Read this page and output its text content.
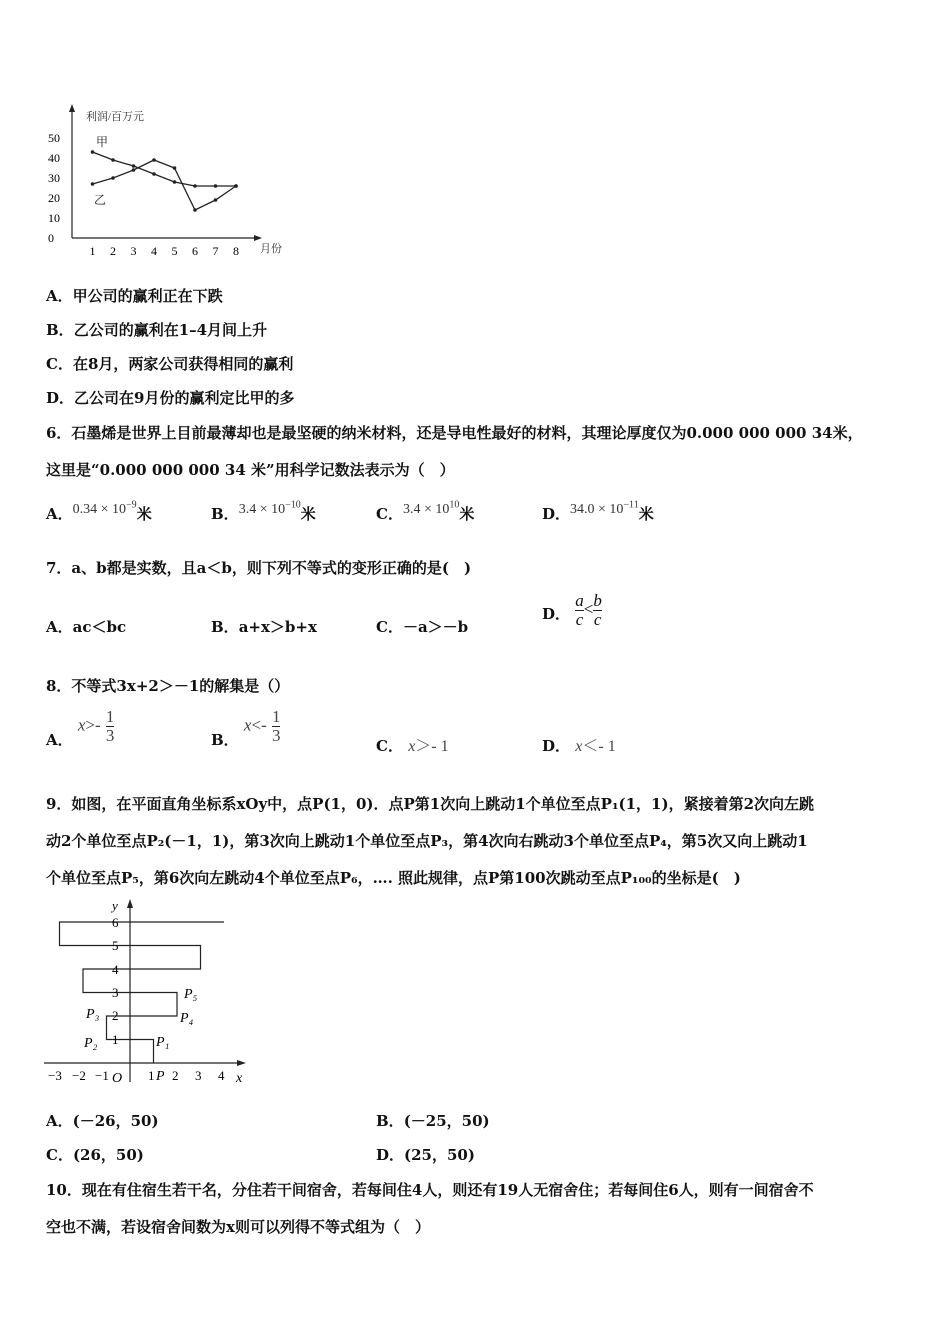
利润/百万元
月份
50
40
30
20
10
0
1 2 3 4 5 6 7 8
甲
乙
A．甲公司的赢利正在下跌
B．乙公司的赢利在1–4月间上升
C．在8月，两家公司获得相同的赢利
D．乙公司在9月份的赢利定比甲的多
6．石墨烯是世界上目前最薄却也是最坚硬的纳米材料，还是导电性最好的材料，其理论厚度仅为0.000 000 000 34米，
这里是“0.000 000 000 34 米”用科学记数法表示为（　）
A．$0.34 \times 10^{-9}$米	B．$3.4 \times 10^{-10}$米	C．$3.4 \times 10^{10}$米	D．$34.0 \times 10^{-11}$米
7．a、b都是实数，且a＜b，则下列不等式的变形正确的是(　)
A．ac＜bc	B．a+x＞b+x	C．－a＞－b
D． $\frac{a}{c} < \frac{b}{c}$
8．不等式3x+2＞－1的解集是（）
A． $x>- \frac{1}{3}$	B． $x<- \frac{1}{3}$
C． x＞- 1	D． x＜- 1
9．如图，在平面直角坐标系xOy中，点P(1，0)．点P第1次向上跳动1个单位至点P₁(1，1)，紧接着第2次向左跳
动2个单位至点P₂(－1，1)，第3次向上跳动1个单位至点P₃，第4次向右跳动3个单位至点P₄，第5次又向上跳动1
个单位至点P₅，第6次向左跳动4个单位至点P₆，…. 照此规律，点P第100次跳动至点P₁₀₀的坐标是(　)
−3 −2 −1 O 1 2 3 4 x
1
2
3
4
5
6
y
P
P₁
P₂
P₃	P₄
P₅
A．(－26，50)	B．(－25，50)
C．(26，50)	D．(25，50)
10．现在有住宿生若干名，分住若干间宿舍，若每间住4人，则还有19人无宿舍住；若每间住6人，则有一间宿舍不
空也不满，若设宿舍间数为x则可以列得不等式组为（　）
